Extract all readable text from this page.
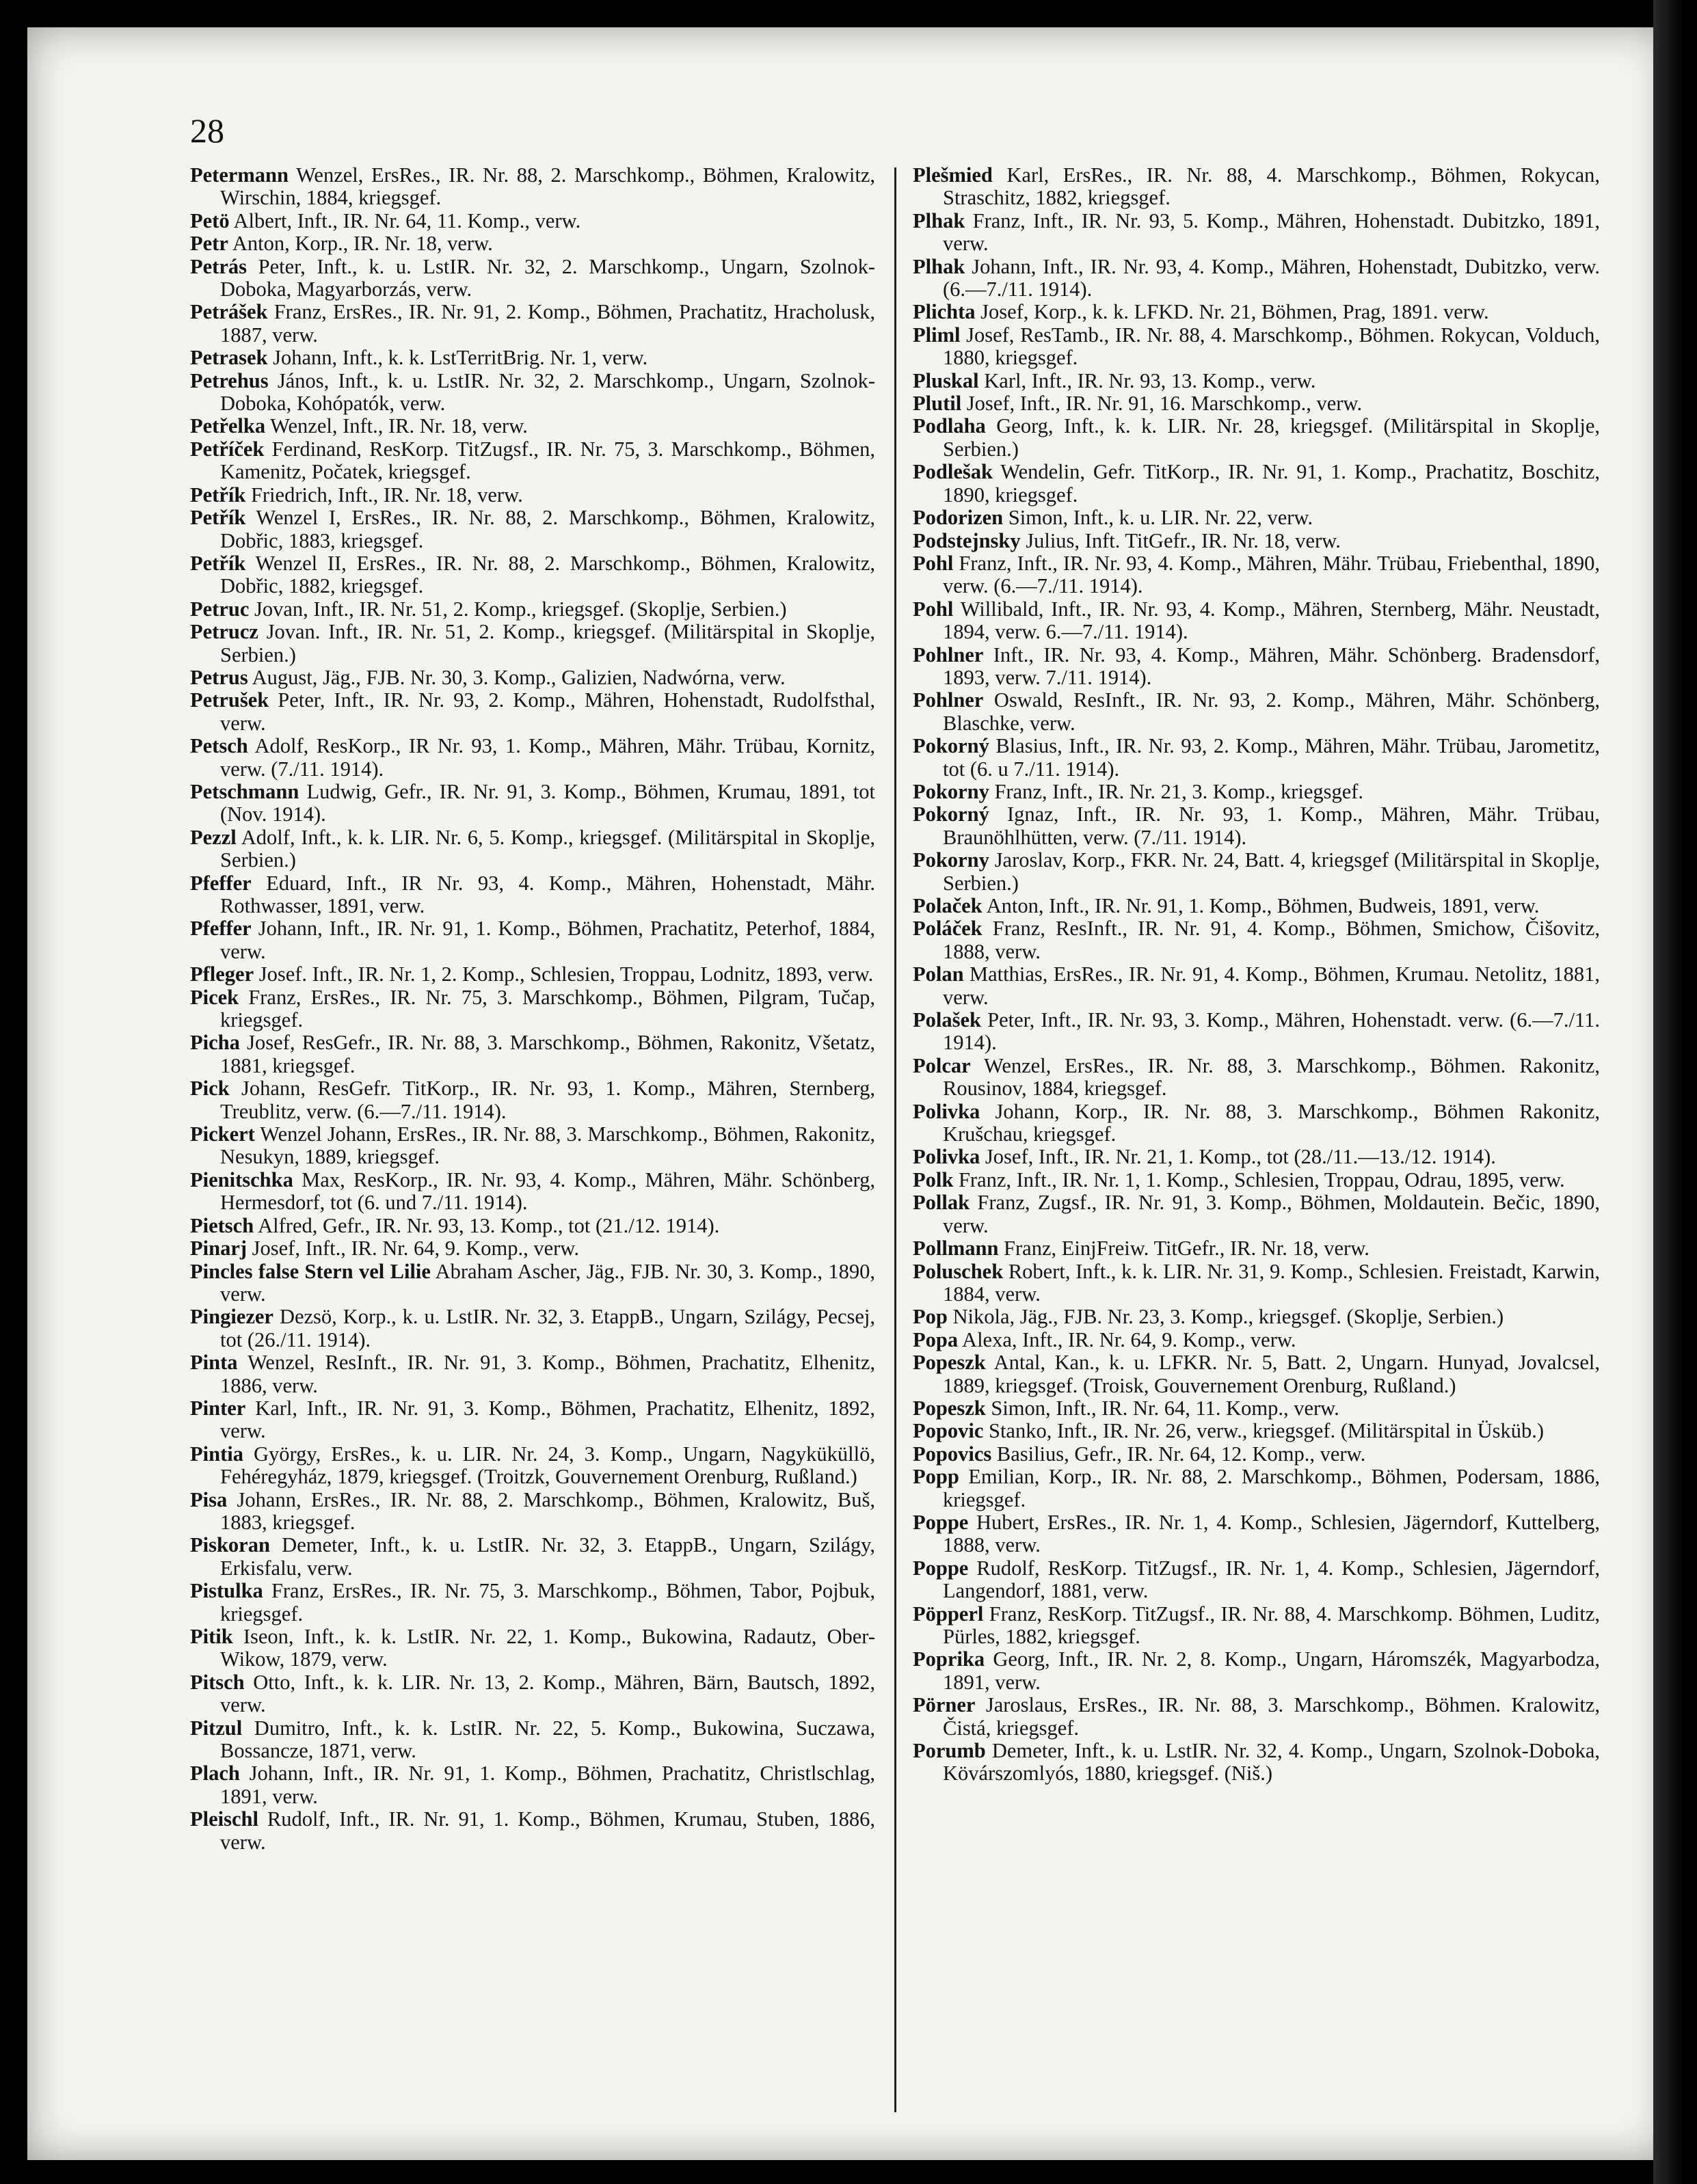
28

Petermann Wenzel, ErsRes., IR. Nr. 88, 2. Marschkomp., Böhmen, Kralowitz, Wirschin, 1884, kriegsgef.

Petö Albert, Inft., IR. Nr. 64, 11. Komp., verw.

Petr Anton, Korp., IR. Nr. 18, verw.

Petrás Peter, Inft., k. u. LstIR. Nr. 32, 2. Marschkomp., Ungarn, Szolnok-Doboka, Magyarborzás, verw.

Petrášek Franz, ErsRes., IR. Nr. 91, 2. Komp., Böhmen, Prachatitz, Hracholusk, 1887, verw.

Petrasek Johann, Inft., k. k. LstTerritBrig. Nr. 1, verw.

Petrehus János, Inft., k. u. LstIR. Nr. 32, 2. Marschkomp., Ungarn, Szolnok-Doboka, Kohópatók, verw.

Petřelka Wenzel, Inft., IR. Nr. 18, verw.

Petříček Ferdinand, ResKorp. TitZugsf., IR. Nr. 75, 3. Marschkomp., Böhmen, Kamenitz, Počatek, kriegsgef.

Petřík Friedrich, Inft., IR. Nr. 18, verw.

Petřík Wenzel I, ErsRes., IR. Nr. 88, 2. Marschkomp., Böhmen, Kralowitz, Dobřic, 1883, kriegsgef.

Petřík Wenzel II, ErsRes., IR. Nr. 88, 2. Marschkomp., Böhmen, Kralowitz, Dobřic, 1882, kriegsgef.

Petruc Jovan, Inft., IR. Nr. 51, 2. Komp., kriegsgef. (Skoplje, Serbien.)

Petrucz Jovan. Inft., IR. Nr. 51, 2. Komp., kriegsgef. (Militärspital in Skoplje, Serbien.)

Petrus August, Jäg., FJB. Nr. 30, 3. Komp., Galizien, Nadwórna, verw.

Petrušek Peter, Inft., IR. Nr. 93, 2. Komp., Mähren, Hohenstadt, Rudolfsthal, verw.

Petsch Adolf, ResKorp., IR Nr. 93, 1. Komp., Mähren, Mähr. Trübau, Kornitz, verw. (7./11. 1914).

Petschmann Ludwig, Gefr., IR. Nr. 91, 3. Komp., Böhmen, Krumau, 1891, tot (Nov. 1914).

Pezzl Adolf, Inft., k. k. LIR. Nr. 6, 5. Komp., kriegsgef. (Militärspital in Skoplje, Serbien.)

Pfeffer Eduard, Inft., IR Nr. 93, 4. Komp., Mähren, Hohenstadt, Mähr. Rothwasser, 1891, verw.

Pfeffer Johann, Inft., IR. Nr. 91, 1. Komp., Böhmen, Prachatitz, Peterhof, 1884, verw.

Pfleger Josef. Inft., IR. Nr. 1, 2. Komp., Schlesien, Troppau, Lodnitz, 1893, verw.

Picek Franz, ErsRes., IR. Nr. 75, 3. Marschkomp., Böhmen, Pilgram, Tučap, kriegsgef.

Picha Josef, ResGefr., IR. Nr. 88, 3. Marschkomp., Böhmen, Rakonitz, Všetatz, 1881, kriegsgef.

Pick Johann, ResGefr. TitKorp., IR. Nr. 93, 1. Komp., Mähren, Sternberg, Treublitz, verw. (6.—7./11. 1914).

Pickert Wenzel Johann, ErsRes., IR. Nr. 88, 3. Marschkomp., Böhmen, Rakonitz, Nesukyn, 1889, kriegsgef.

Pienitschka Max, ResKorp., IR. Nr. 93, 4. Komp., Mähren, Mähr. Schönberg, Hermesdorf, tot (6. und 7./11. 1914).

Pietsch Alfred, Gefr., IR. Nr. 93, 13. Komp., tot (21./12. 1914).

Pinarj Josef, Inft., IR. Nr. 64, 9. Komp., verw.

Pincles false Stern vel Lilie Abraham Ascher, Jäg., FJB. Nr. 30, 3. Komp., 1890, verw.

Pingiezer Dezsö, Korp., k. u. LstIR. Nr. 32, 3. EtappB., Ungarn, Szilágy, Pecsej, tot (26./11. 1914).

Pinta Wenzel, ResInft., IR. Nr. 91, 3. Komp., Böhmen, Prachatitz, Elhenitz, 1886, verw.

Pinter Karl, Inft., IR. Nr. 91, 3. Komp., Böhmen, Prachatitz, Elhenitz, 1892, verw.

Pintia György, ErsRes., k. u. LIR. Nr. 24, 3. Komp., Ungarn, Nagyküküllö, Fehéregyház, 1879, kriegsgef. (Troitzk, Gouvernement Orenburg, Rußland.)

Pisa Johann, ErsRes., IR. Nr. 88, 2. Marschkomp., Böhmen, Kralowitz, Buš, 1883, kriegsgef.

Piskoran Demeter, Inft., k. u. LstIR. Nr. 32, 3. EtappB., Ungarn, Szilágy, Erkisfalu, verw.

Pistulka Franz, ErsRes., IR. Nr. 75, 3. Marschkomp., Böhmen, Tabor, Pojbuk, kriegsgef.

Pitik Iseon, Inft., k. k. LstIR. Nr. 22, 1. Komp., Bukowina, Radautz, Ober-Wikow, 1879, verw.

Pitsch Otto, Inft., k. k. LIR. Nr. 13, 2. Komp., Mähren, Bärn, Bautsch, 1892, verw.

Pitzul Dumitro, Inft., k. k. LstIR. Nr. 22, 5. Komp., Bukowina, Suczawa, Bossancze, 1871, verw.

Plach Johann, Inft., IR. Nr. 91, 1. Komp., Böhmen, Prachatitz, Christlschlag, 1891, verw.

Pleischl Rudolf, Inft., IR. Nr. 91, 1. Komp., Böhmen, Krumau, Stuben, 1886, verw.

Plešmied Karl, ErsRes., IR. Nr. 88, 4. Marschkomp., Böhmen, Rokycan, Straschitz, 1882, kriegsgef.

Plhak Franz, Inft., IR. Nr. 93, 5. Komp., Mähren, Hohenstadt. Dubitzko, 1891, verw.

Plhak Johann, Inft., IR. Nr. 93, 4. Komp., Mähren, Hohenstadt, Dubitzko, verw. (6.—7./11. 1914).

Plichta Josef, Korp., k. k. LFKD. Nr. 21, Böhmen, Prag, 1891. verw.

Pliml Josef, ResTamb., IR. Nr. 88, 4. Marschkomp., Böhmen. Rokycan, Volduch, 1880, kriegsgef.

Pluskal Karl, Inft., IR. Nr. 93, 13. Komp., verw.

Plutil Josef, Inft., IR. Nr. 91, 16. Marschkomp., verw.

Podlaha Georg, Inft., k. k. LIR. Nr. 28, kriegsgef. (Militärspital in Skoplje, Serbien.)

Podlešak Wendelin, Gefr. TitKorp., IR. Nr. 91, 1. Komp., Prachatitz, Boschitz, 1890, kriegsgef.

Podorizen Simon, Inft., k. u. LIR. Nr. 22, verw.

Podstejnsky Julius, Inft. TitGefr., IR. Nr. 18, verw.

Pohl Franz, Inft., IR. Nr. 93, 4. Komp., Mähren, Mähr. Trübau, Friebenthal, 1890, verw. (6.—7./11. 1914).

Pohl Willibald, Inft., IR. Nr. 93, 4. Komp., Mähren, Sternberg, Mähr. Neustadt, 1894, verw. 6.—7./11. 1914).

Pohlner Inft., IR. Nr. 93, 4. Komp., Mähren, Mähr. Schönberg. Bradensdorf, 1893, verw. 7./11. 1914).

Pohlner Oswald, ResInft., IR. Nr. 93, 2. Komp., Mähren, Mähr. Schönberg, Blaschke, verw.

Pokorný Blasius, Inft., IR. Nr. 93, 2. Komp., Mähren, Mähr. Trübau, Jarometitz, tot (6. u 7./11. 1914).

Pokorny Franz, Inft., IR. Nr. 21, 3. Komp., kriegsgef.

Pokorný Ignaz, Inft., IR. Nr. 93, 1. Komp., Mähren, Mähr. Trübau, Braunöhlhütten, verw. (7./11. 1914).

Pokorny Jaroslav, Korp., FKR. Nr. 24, Batt. 4, kriegsgef (Militärspital in Skoplje, Serbien.)

Polaček Anton, Inft., IR. Nr. 91, 1. Komp., Böhmen, Budweis, 1891, verw.

Poláček Franz, ResInft., IR. Nr. 91, 4. Komp., Böhmen, Smichow, Čišovitz, 1888, verw.

Polan Matthias, ErsRes., IR. Nr. 91, 4. Komp., Böhmen, Krumau. Netolitz, 1881, verw.

Polašek Peter, Inft., IR. Nr. 93, 3. Komp., Mähren, Hohenstadt. verw. (6.—7./11. 1914).

Polcar Wenzel, ErsRes., IR. Nr. 88, 3. Marschkomp., Böhmen. Rakonitz, Rousinov, 1884, kriegsgef.

Polivka Johann, Korp., IR. Nr. 88, 3. Marschkomp., Böhmen Rakonitz, Krušchau, kriegsgef.

Polivka Josef, Inft., IR. Nr. 21, 1. Komp., tot (28./11.—13./12. 1914).

Polk Franz, Inft., IR. Nr. 1, 1. Komp., Schlesien, Troppau, Odrau, 1895, verw.

Pollak Franz, Zugsf., IR. Nr. 91, 3. Komp., Böhmen, Moldautein. Bečic, 1890, verw.

Pollmann Franz, EinjFreiw. TitGefr., IR. Nr. 18, verw.

Poluschek Robert, Inft., k. k. LIR. Nr. 31, 9. Komp., Schlesien. Freistadt, Karwin, 1884, verw.

Pop Nikola, Jäg., FJB. Nr. 23, 3. Komp., kriegsgef. (Skoplje, Serbien.)

Popa Alexa, Inft., IR. Nr. 64, 9. Komp., verw.

Popeszk Antal, Kan., k. u. LFKR. Nr. 5, Batt. 2, Ungarn. Hunyad, Jovalcsel, 1889, kriegsgef. (Troisk, Gouvernement Orenburg, Rußland.)

Popeszk Simon, Inft., IR. Nr. 64, 11. Komp., verw.

Popovic Stanko, Inft., IR. Nr. 26, verw., kriegsgef. (Militärspital in Üsküb.)

Popovics Basilius, Gefr., IR. Nr. 64, 12. Komp., verw.

Popp Emilian, Korp., IR. Nr. 88, 2. Marschkomp., Böhmen, Podersam, 1886, kriegsgef.

Poppe Hubert, ErsRes., IR. Nr. 1, 4. Komp., Schlesien, Jägerndorf, Kuttelberg, 1888, verw.

Poppe Rudolf, ResKorp. TitZugsf., IR. Nr. 1, 4. Komp., Schlesien, Jägerndorf, Langendorf, 1881, verw.

Pöpperl Franz, ResKorp. TitZugsf., IR. Nr. 88, 4. Marschkomp. Böhmen, Luditz, Pürles, 1882, kriegsgef.

Poprika Georg, Inft., IR. Nr. 2, 8. Komp., Ungarn, Háromszék, Magyarbodza, 1891, verw.

Pörner Jaroslaus, ErsRes., IR. Nr. 88, 3. Marschkomp., Böhmen. Kralowitz, Čistá, kriegsgef.

Porumb Demeter, Inft., k. u. LstIR. Nr. 32, 4. Komp., Ungarn, Szolnok-Doboka, Kövárszomlyós, 1880, kriegsgef. (Niš.)
